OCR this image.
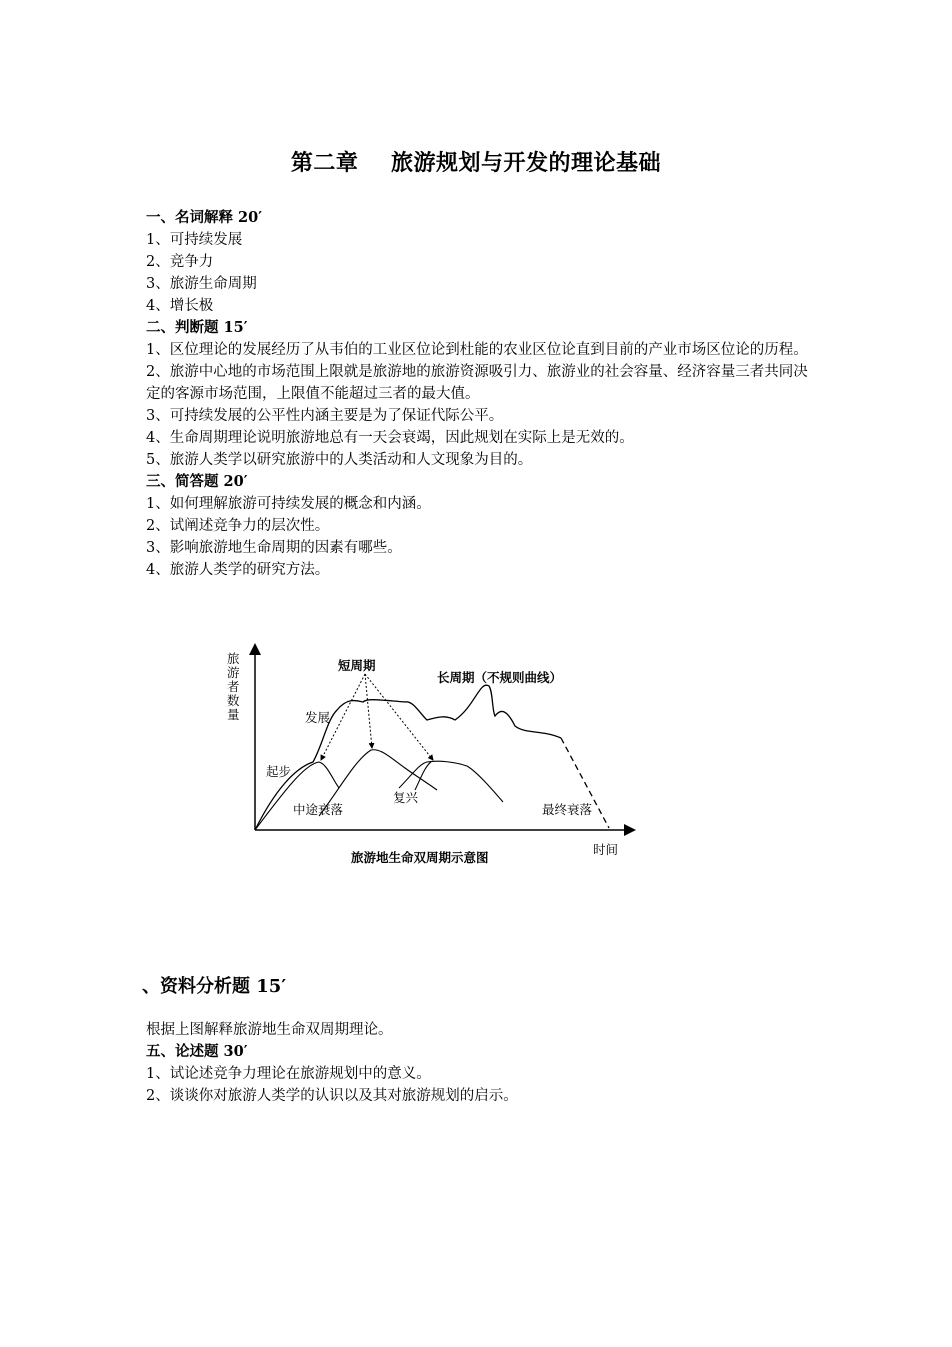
第二章    旅游规划与开发的理论基础
一、名词解释 20′
1、可持续发展
2、竞争力
3、旅游生命周期
4、增长极
二、判断题 15′
1、区位理论的发展经历了从韦伯的工业区位论到杜能的农业区位论直到目前的产业市场区位论的历程。
2、旅游中心地的市场范围上限就是旅游地的旅游资源吸引力、旅游业的社会容量、经济容量三者共同决定的客源市场范围，上限值不能超过三者的最大值。
3、可持续发展的公平性内涵主要是为了保证代际公平。
4、生命周期理论说明旅游地总有一天会衰竭，因此规划在实际上是无效的。
5、旅游人类学以研究旅游中的人类活动和人文现象为目的。
三、简答题 20′
1、如何理解旅游可持续发展的概念和内涵。
2、试阐述竞争力的层次性。
3、影响旅游地生命周期的因素有哪些。
4、旅游人类学的研究方法。
旅
游
者
数
量
短周期
长周期（不规则曲线）
发展
起步
中途衰落
复兴
最终衰落
时间
旅游地生命双周期示意图
、资料分析题 15′
根据上图解释旅游地生命双周期理论。
五、论述题 30′
1、试论述竞争力理论在旅游规划中的意义。
2、谈谈你对旅游人类学的认识以及其对旅游规划的启示。
